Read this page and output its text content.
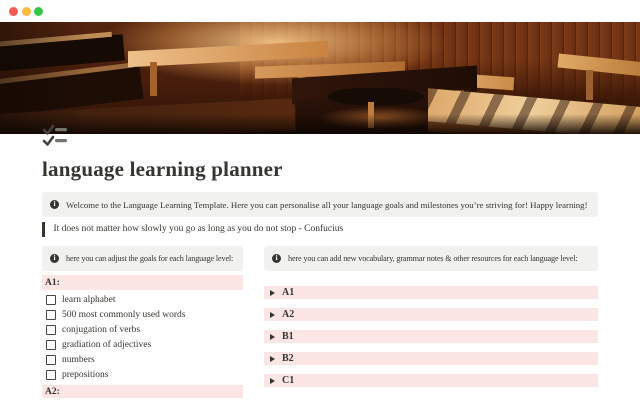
language learning planner
i
Welcome to the Language Learning Template. Here you can personalise all your language goals and milestones you’re striving for! Happy learning!
It does not matter how slowly you go as long as you do not stop - Confucius
i
here you can adjust the goals for each language level:
A1:
learn alphabet
500 most commonly used words
conjugation of verbs
gradiation of adjectives
numbers
prepositions
A2:
i
here you can add new vocabulary, grammar notes & other resources for each language level:
A1
A2
B1
B2
C1
